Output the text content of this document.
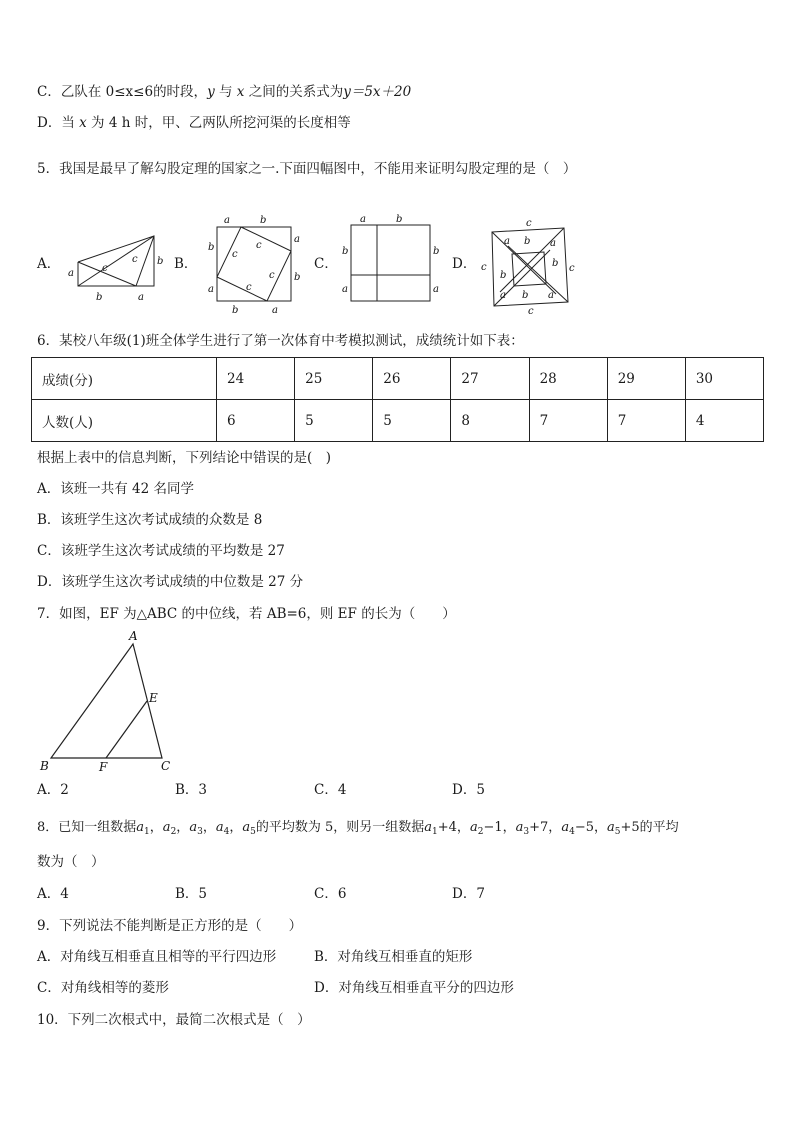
C．乙队在 0≤x≤6的时段，y 与 x 之间的关系式为y＝5x＋20
D．当 x 为 4 h 时，甲、乙两队所挖河渠的长度相等
5．我国是最早了解勾股定理的国家之一.下面四幅图中，不能用来证明勾股定理的是（　）
A．
a
b	a
b
c
c	B．
a	b
a
b
b
a
b	a
c
c
c
c
C．
a	b
b	b
a	a
D．
c
c	c
c
a b a
b
b
a b a
6．某校八年级(1)班全体学生进行了第一次体育中考模拟测试，成绩统计如下表：
成绩(分)	24	25	26	27	28	29	30
人数(人)	6	5	5	8	7	7	4
根据上表中的信息判断，下列结论中错误的是(　)
A．该班一共有 42 名同学
B．该班学生这次考试成绩的众数是 8
C．该班学生这次考试成绩的平均数是 27
D．该班学生这次考试成绩的中位数是 27 分
7．如图，EF 为△ABC 的中位线，若 AB=6，则 EF 的长为（　　）
A
B	C
E
F
A．2	B．3	C．4	D．5
8．已知一组数据$a_1$，$a_2$，$a_3$，$a_4$，$a_5$的平均数为 5，则另一组数据$a_1+4$，$a_2-1$，$a_3+7$，$a_4-5$，$a_5+5$的平均
数为（　）
A．4	B．5	C．6	D．7
9．下列说法不能判断是正方形的是（　　）
A．对角线互相垂直且相等的平行四边形	B．对角线互相垂直的矩形
C．对角线相等的菱形	D．对角线互相垂直平分的四边形
10．下列二次根式中，最简二次根式是（　）
